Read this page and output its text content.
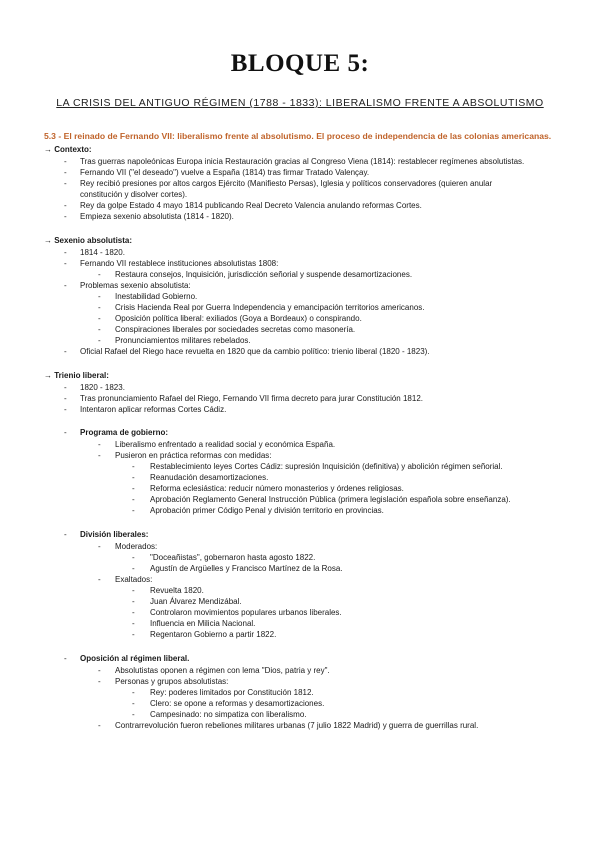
BLOQUE 5:
LA CRISIS DEL ANTIGUO RÉGIMEN (1788 - 1833): LIBERALISMO FRENTE A ABSOLUTISMO
5.3 - El reinado de Fernando VII: liberalismo frente al absolutismo. El proceso de independencia de las colonias americanas.
→ Contexto:
- Tras guerras napoleónicas Europa inicia Restauración gracias al Congreso Viena (1814): restablecer regímenes absolutistas.
- Fernando VII ("el deseado") vuelve a España (1814) tras firmar Tratado Valençay.
- Rey recibió presiones por altos cargos Ejército (Manifiesto Persas), Iglesia y políticos conservadores (quieren anular
constitución y disolver cortes).
- Rey da golpe Estado 4 mayo 1814 publicando Real Decreto Valencia anulando reformas Cortes.
- Empieza sexenio absolutista (1814 - 1820).
→ Sexenio absolutista:
- 1814 - 1820.
- Fernando VII restablece instituciones absolutistas 1808:
- Restaura consejos, Inquisición, jurisdicción señorial y suspende desamortizaciones.
- Problemas sexenio absolutista:
- Inestabilidad Gobierno.
- Crisis Hacienda Real por Guerra Independencia y emancipación territorios americanos.
- Oposición política liberal: exiliados (Goya a Bordeaux) o conspirando.
- Conspiraciones liberales por sociedades secretas como masonería.
- Pronunciamientos militares rebelados.
- Oficial Rafael del Riego hace revuelta en 1820 que da cambio político: trienio liberal (1820 - 1823).
→ Trienio liberal:
- 1820 - 1823.
- Tras pronunciamiento Rafael del Riego, Fernando VII firma decreto para jurar Constitución 1812.
- Intentaron aplicar reformas Cortes Cádiz.
- Programa de gobierno:
- Liberalismo enfrentado a realidad social y económica España.
- Pusieron en práctica reformas con medidas:
- Restablecimiento leyes Cortes Cádiz: supresión Inquisición (definitiva) y abolición régimen señorial.
- Reanudación desamortizaciones.
- Reforma eclesiástica: reducir número monasterios y órdenes religiosas.
- Aprobación Reglamento General Instrucción Pública (primera legislación española sobre enseñanza).
- Aprobación primer Código Penal y división territorio en provincias.
- División liberales:
- Moderados:
- "Doceañistas", gobernaron hasta agosto 1822.
- Agustín de Argüelles y Francisco Martínez de la Rosa.
- Exaltados:
- Revuelta 1820.
- Juan Álvarez Mendizábal.
- Controlaron movimientos populares urbanos liberales.
- Influencia en Milicia Nacional.
- Regentaron Gobierno a partir 1822.
- Oposición al régimen liberal.
- Absolutistas oponen a régimen con lema "Dios, patria y rey".
- Personas y grupos absolutistas:
- Rey: poderes limitados por Constitución 1812.
- Clero: se opone a reformas y desamortizaciones.
- Campesinado: no simpatiza con liberalismo.
- Contrarrevolución fueron rebeliones militares urbanas (7 julio 1822 Madrid) y guerra de guerrillas rural.
